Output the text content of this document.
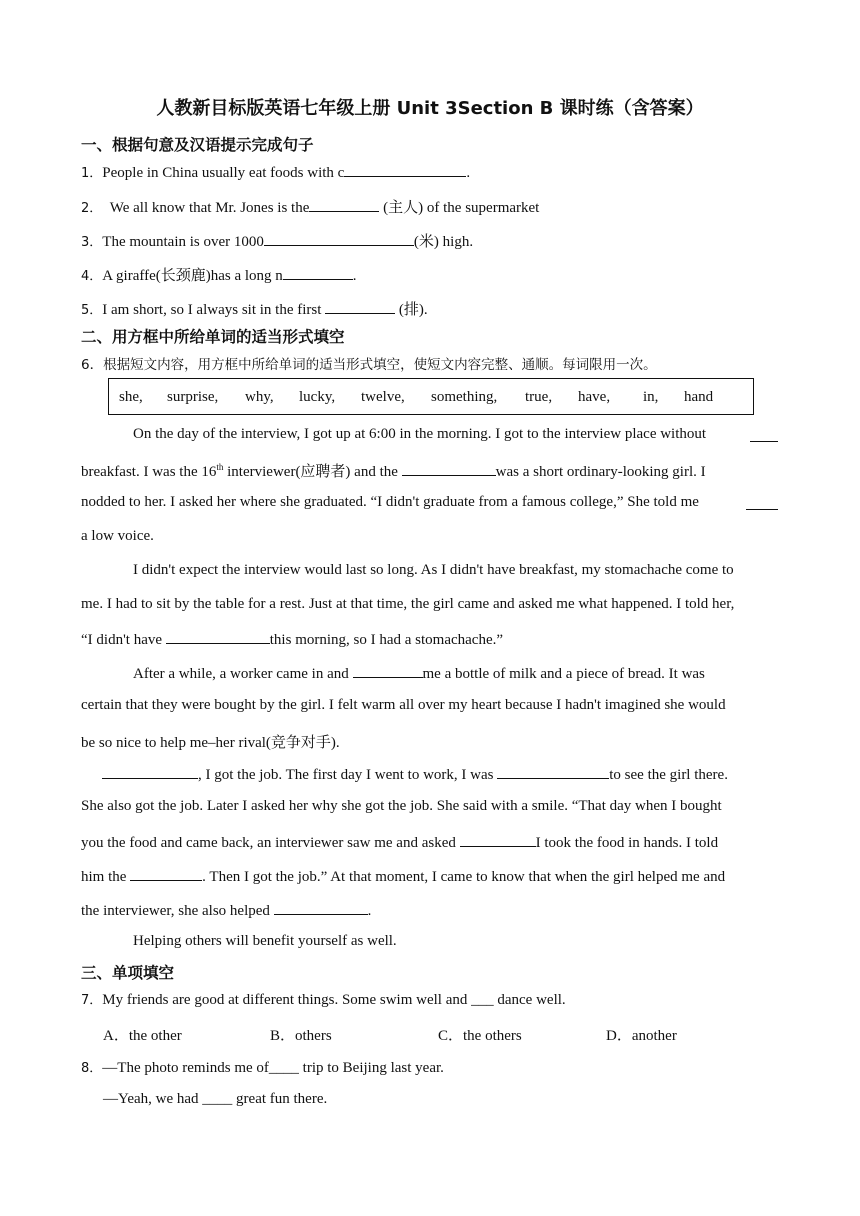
人教新目标版英语七年级上册 Unit 3Section B 课时练（含答案）
一、根据句意及汉语提示完成句子
1．People in China usually eat foods with c	.
2． We all know that Mr. Jones is the	(主人) of the supermarket
3．The mountain is over 1000	(米) high.
4．A giraffe(长颈鹿)has a long n	.
5．I am short, so I always sit in the first	(排).
二、用方框中所给单词的适当形式填空
6．根据短文内容，用方框中所给单词的适当形式填空，使短文内容完整、通顺。每词限用一次。
she, surprise, why, lucky, twelve, something, true, have, in, hand
On the day of the interview, I got up at 6:00 in the morning. I got to the interview place without
breakfast. I was the 16th interviewer(应聘者) and the	was a short ordinary-looking girl. I
nodded to her. I asked her where she graduated. “I didn't graduate from a famous college,” She told me
a low voice.
I didn't expect the interview would last so long. As I didn't have breakfast, my stomachache come to
me. I had to sit by the table for a rest. Just at that time, the girl came and asked me what happened. I told her,
“I didn't have	this morning, so I had a stomachache.”
After a while, a worker came in and	me a bottle of milk and a piece of bread. It was
certain that they were bought by the girl. I felt warm all over my heart because I hadn't imagined she would
be so nice to help me–her rival(竞争对手).
, I got the job. The first day I went to work, I was	to see the girl there.
She also got the job. Later I asked her why she got the job. She said with a smile. “That day when I bought
you the food and came back, an interviewer saw me and asked	I took the food in hands. I told
him the	. Then I got the job.” At that moment, I came to know that when the girl helped me and
the interviewer, she also helped	.
Helping others will benefit yourself as well.
三、单项填空
7．My friends are good at different things. Some swim well and ___ dance well.
A．the other	B．others	C．the others	D．another
8．—The photo reminds me of____ trip to Beijing last year.
—Yeah, we had ____ great fun there.
